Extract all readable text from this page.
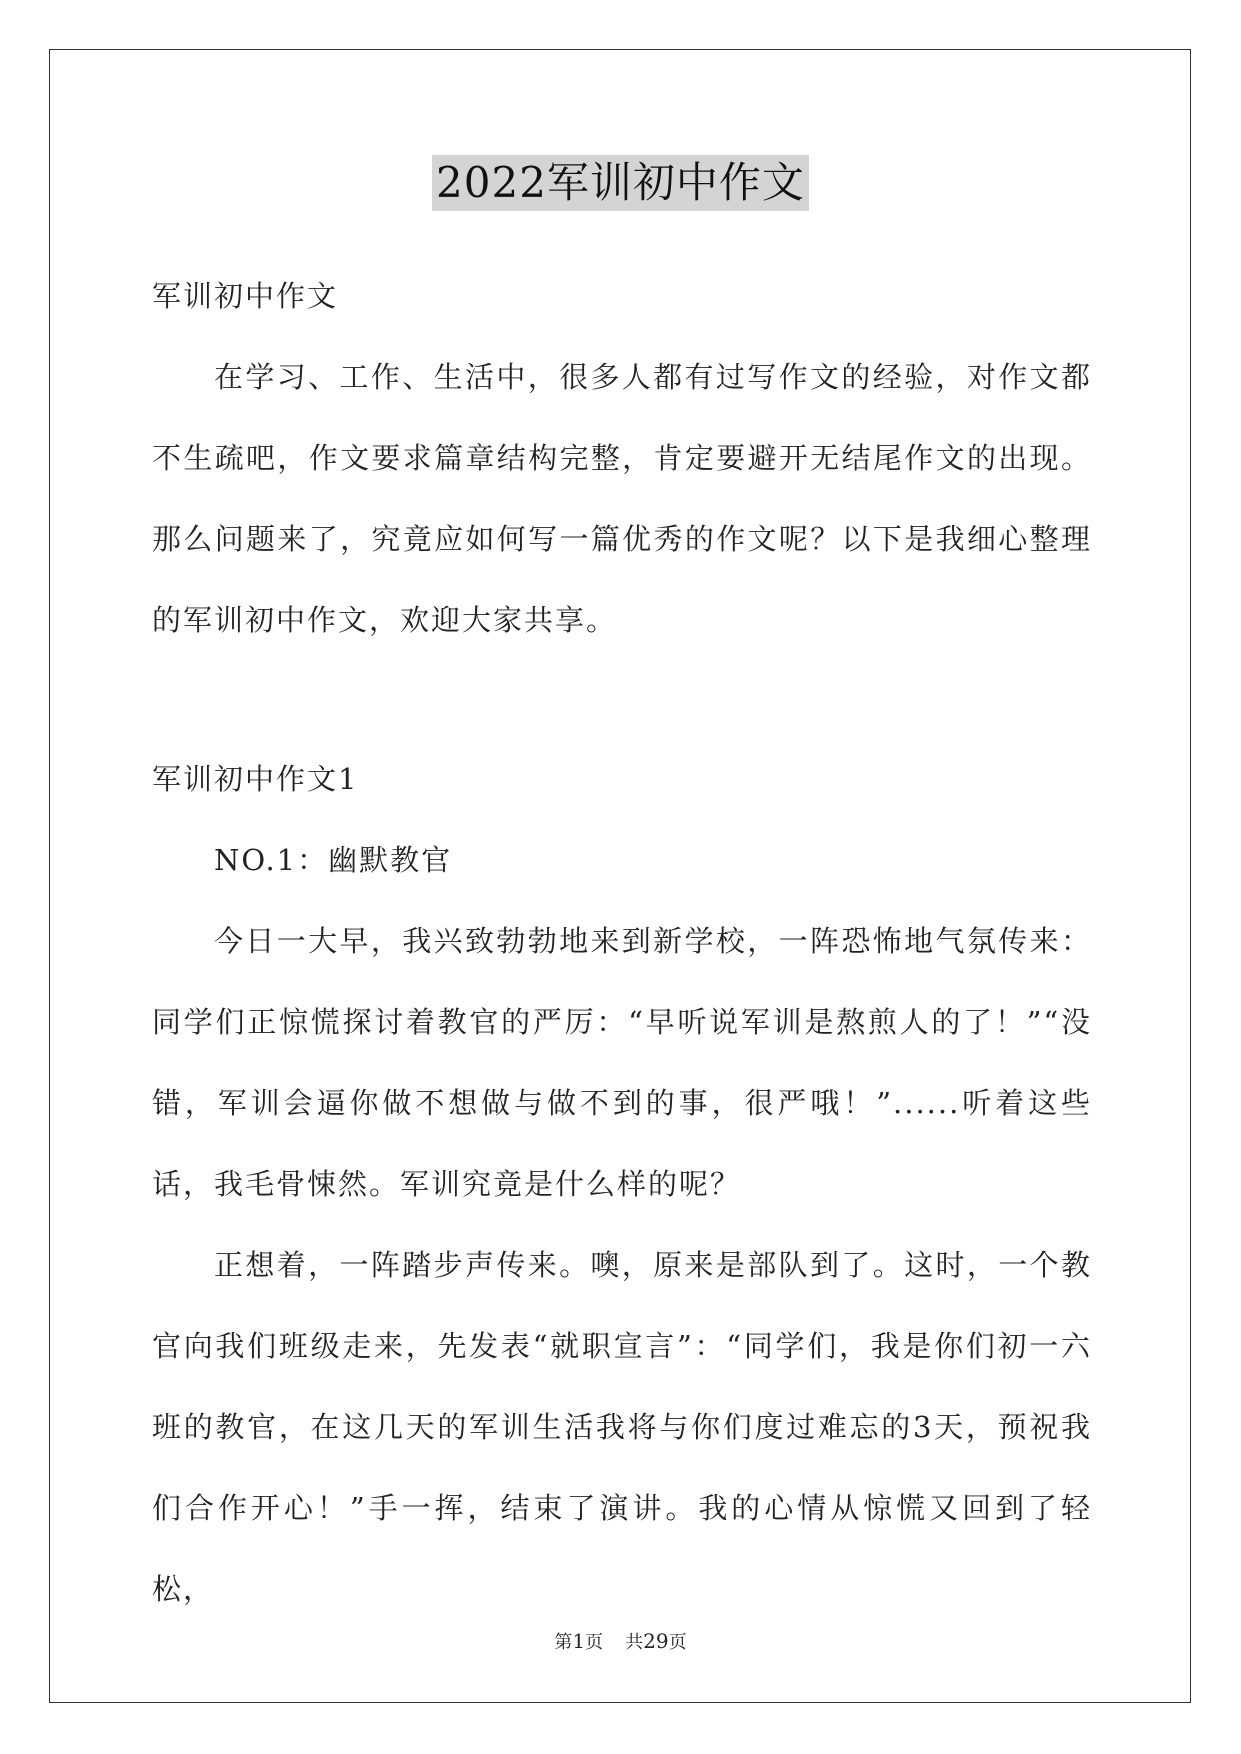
2022军训初中作文

军训初中作文

在学习、工作、生活中，很多人都有过写作文的经验，对作文都不生疏吧，作文要求篇章结构完整，肯定要避开无结尾作文的出现。那么问题来了，究竟应如何写一篇优秀的作文呢？以下是我细心整理的军训初中作文，欢迎大家共享。

军训初中作文1

NO.1：幽默教官

今日一大早，我兴致勃勃地来到新学校，一阵恐怖地气氛传来：同学们正惊慌探讨着教官的严厉：“早听说军训是熬煎人的了！”“没错，军训会逼你做不想做与做不到的事，很严哦！”......听着这些话，我毛骨悚然。军训究竟是什么样的呢？

正想着，一阵踏步声传来。噢，原来是部队到了。这时，一个教官向我们班级走来，先发表“就职宣言”：“同学们，我是你们初一六班的教官，在这几天的军训生活我将与你们度过难忘的3天，预祝我们合作开心！”手一挥，结束了演讲。我的心情从惊慌又回到了轻松，

第1页 共29页
